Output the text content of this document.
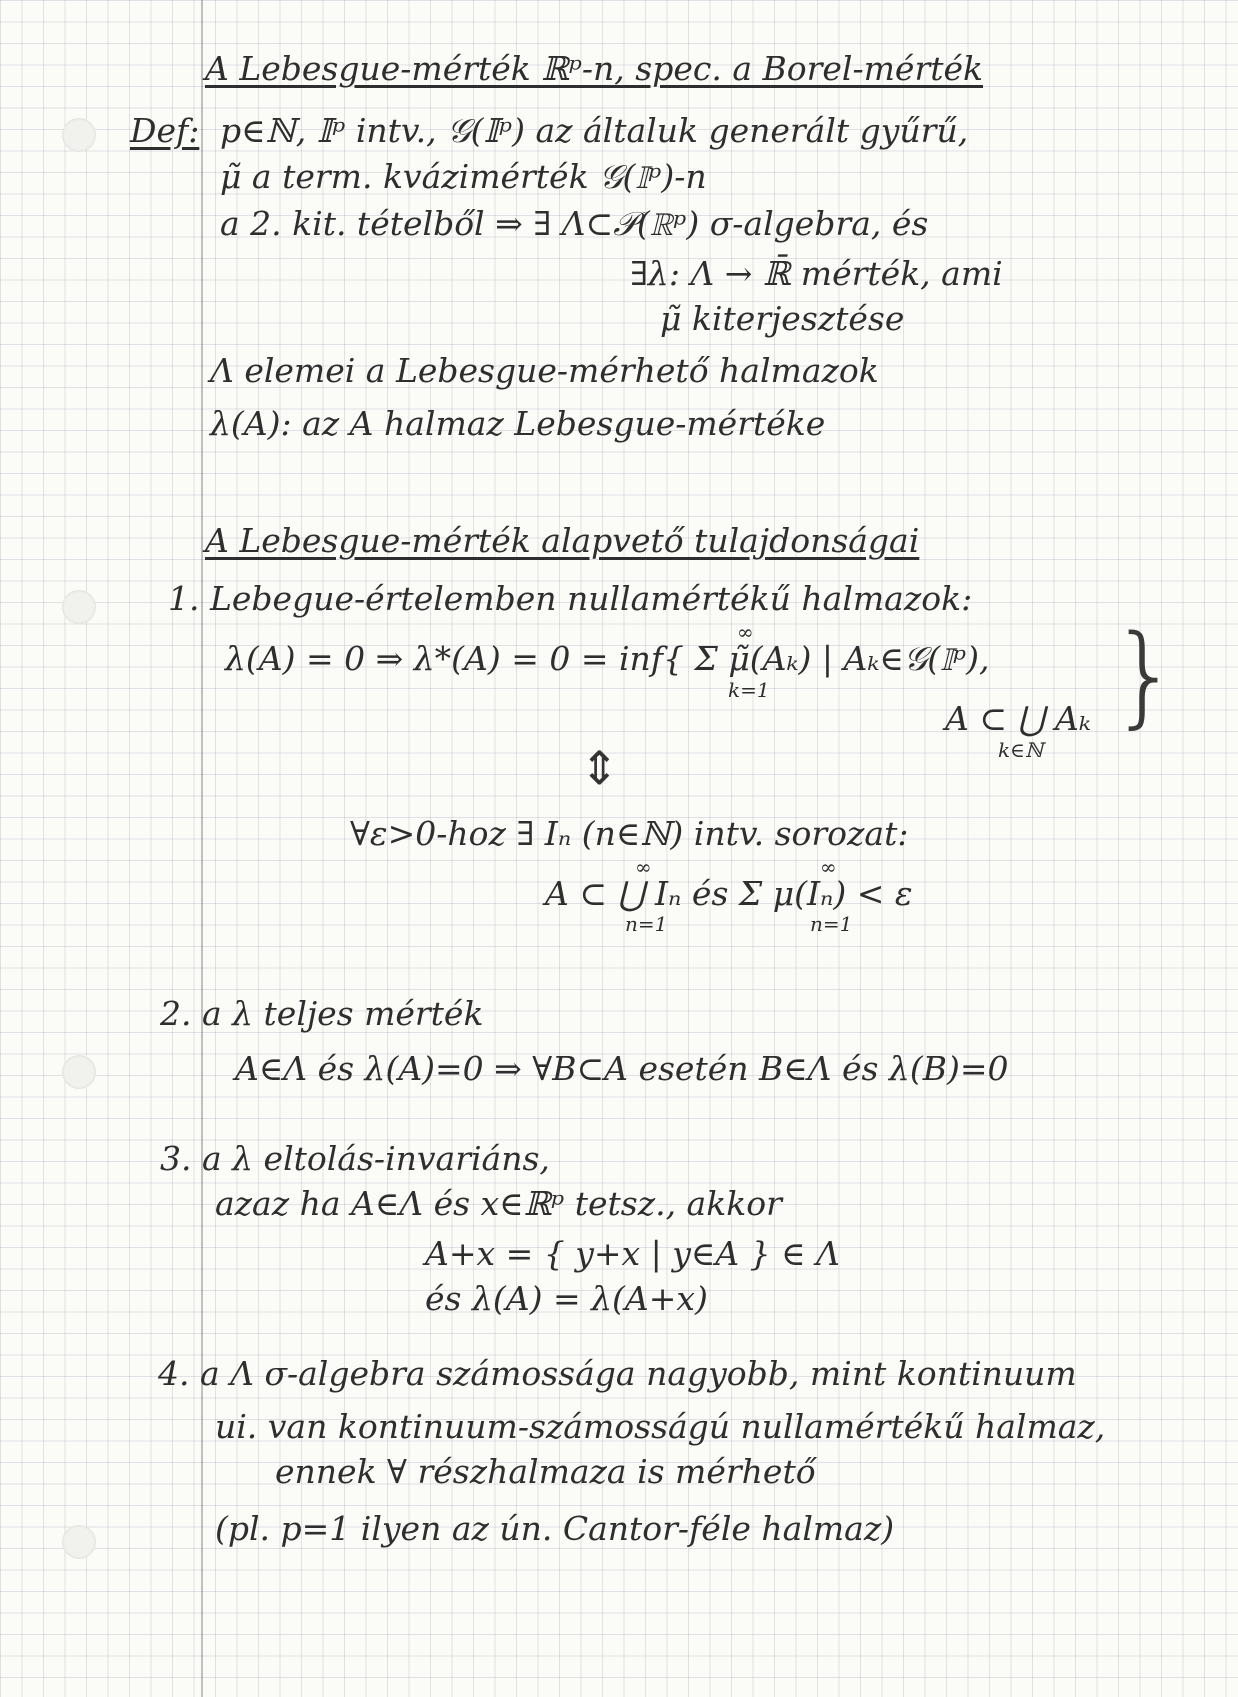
A Lebesgue-mérték ℝᵖ-n, spec. a Borel-mérték
Def: p∈ℕ, 𝕀ᵖ intv., 𝒢(𝕀ᵖ) az általuk generált gyűrű,
μ̃ a term. kvázimérték 𝒢(𝕀ᵖ)-n
a 2. kit. tételből ⇒ ∃ Λ⊂𝒫(ℝᵖ) σ-algebra, és
∃λ: Λ → ℝ̄ mérték, ami
μ̃ kiterjesztése
Λ elemei a Lebesgue-mérhető halmazok
λ(A): az A halmaz Lebesgue-mértéke
A Lebesgue-mérték alapvető tulajdonságai
1. Lebegue-értelemben nullamértékű halmazok:
λ(A) = 0 ⇒ λ*(A) = 0 = inf{ Σ μ̃(Aₖ) | Aₖ∈𝒢(𝕀ᵖ),
∞
k=1
A ⊂ ⋃ Aₖ
k∈ℕ
}
⇕
∀ε>0-hoz ∃ Iₙ (n∈ℕ) intv. sorozat:
A ⊂ ⋃ Iₙ és Σ μ(Iₙ) < ε
∞
n=1
∞
n=1
2. a λ teljes mérték
A∈Λ és λ(A)=0 ⇒ ∀B⊂A esetén B∈Λ és λ(B)=0
3. a λ eltolás-invariáns,
azaz ha A∈Λ és x∈ℝᵖ tetsz., akkor
A+x = { y+x | y∈A } ∈ Λ
és λ(A) = λ(A+x)
4. a Λ σ-algebra számossága nagyobb, mint kontinuum
ui. van kontinuum-számosságú nullamértékű halmaz,
ennek ∀ részhalmaza is mérhető
(pl. p=1 ilyen az ún. Cantor-féle halmaz)
